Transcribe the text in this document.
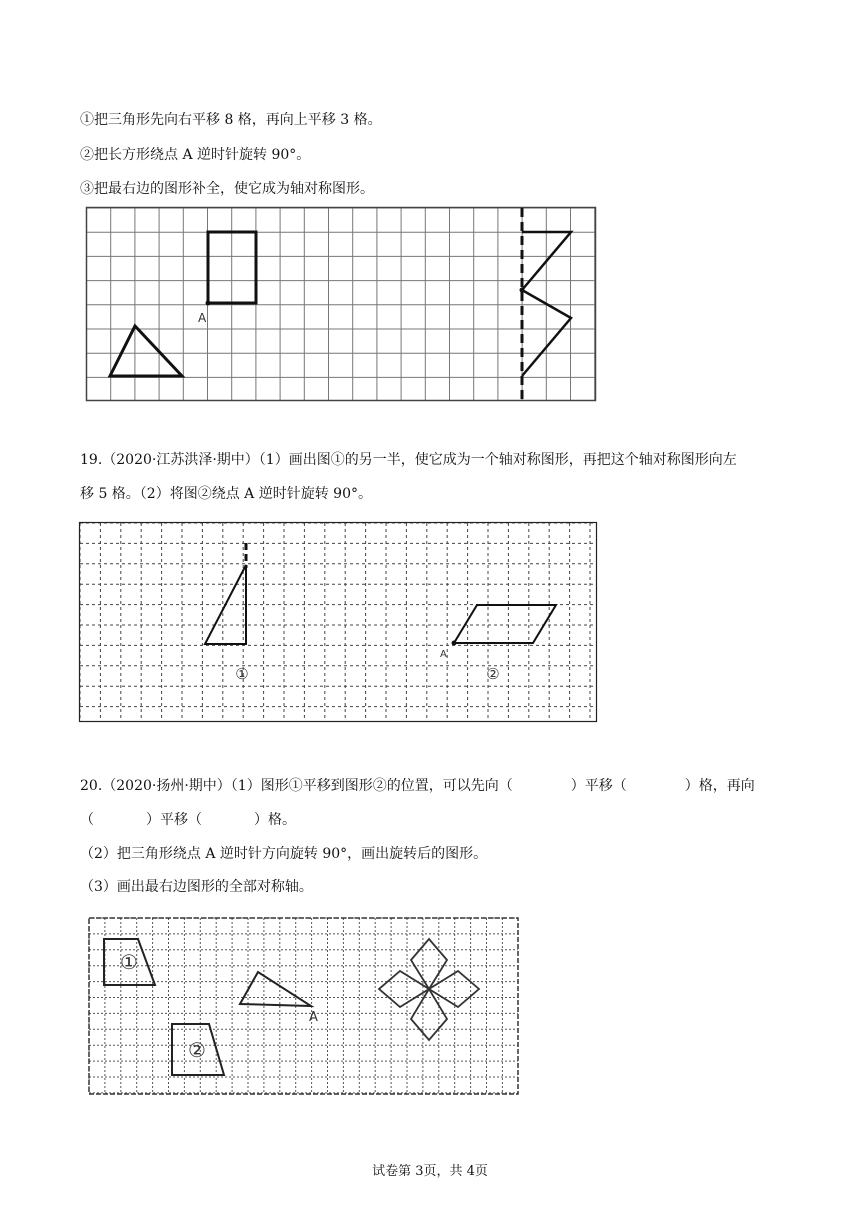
①把三角形先向右平移 8 格，再向上平移 3 格。
②把长方形绕点 A 逆时针旋转 90°。
③把最右边的图形补全，使它成为轴对称图形。
A
19.（2020·江苏洪泽·期中）（1）画出图①的另一半，使它成为一个轴对称图形，再把这个轴对称图形向左
移 5 格。（2）将图②绕点 A 逆时针旋转 90°。
A
①	②
20.（2020·扬州·期中）（1）图形①平移到图形②的位置，可以先向（	）平移（	）格，再向
（	）平移（	）格。
（2）把三角形绕点 A 逆时针方向旋转 90°，画出旋转后的图形。
（3）画出最右边图形的全部对称轴。
①
②
A
试卷第 3页，共 4页
